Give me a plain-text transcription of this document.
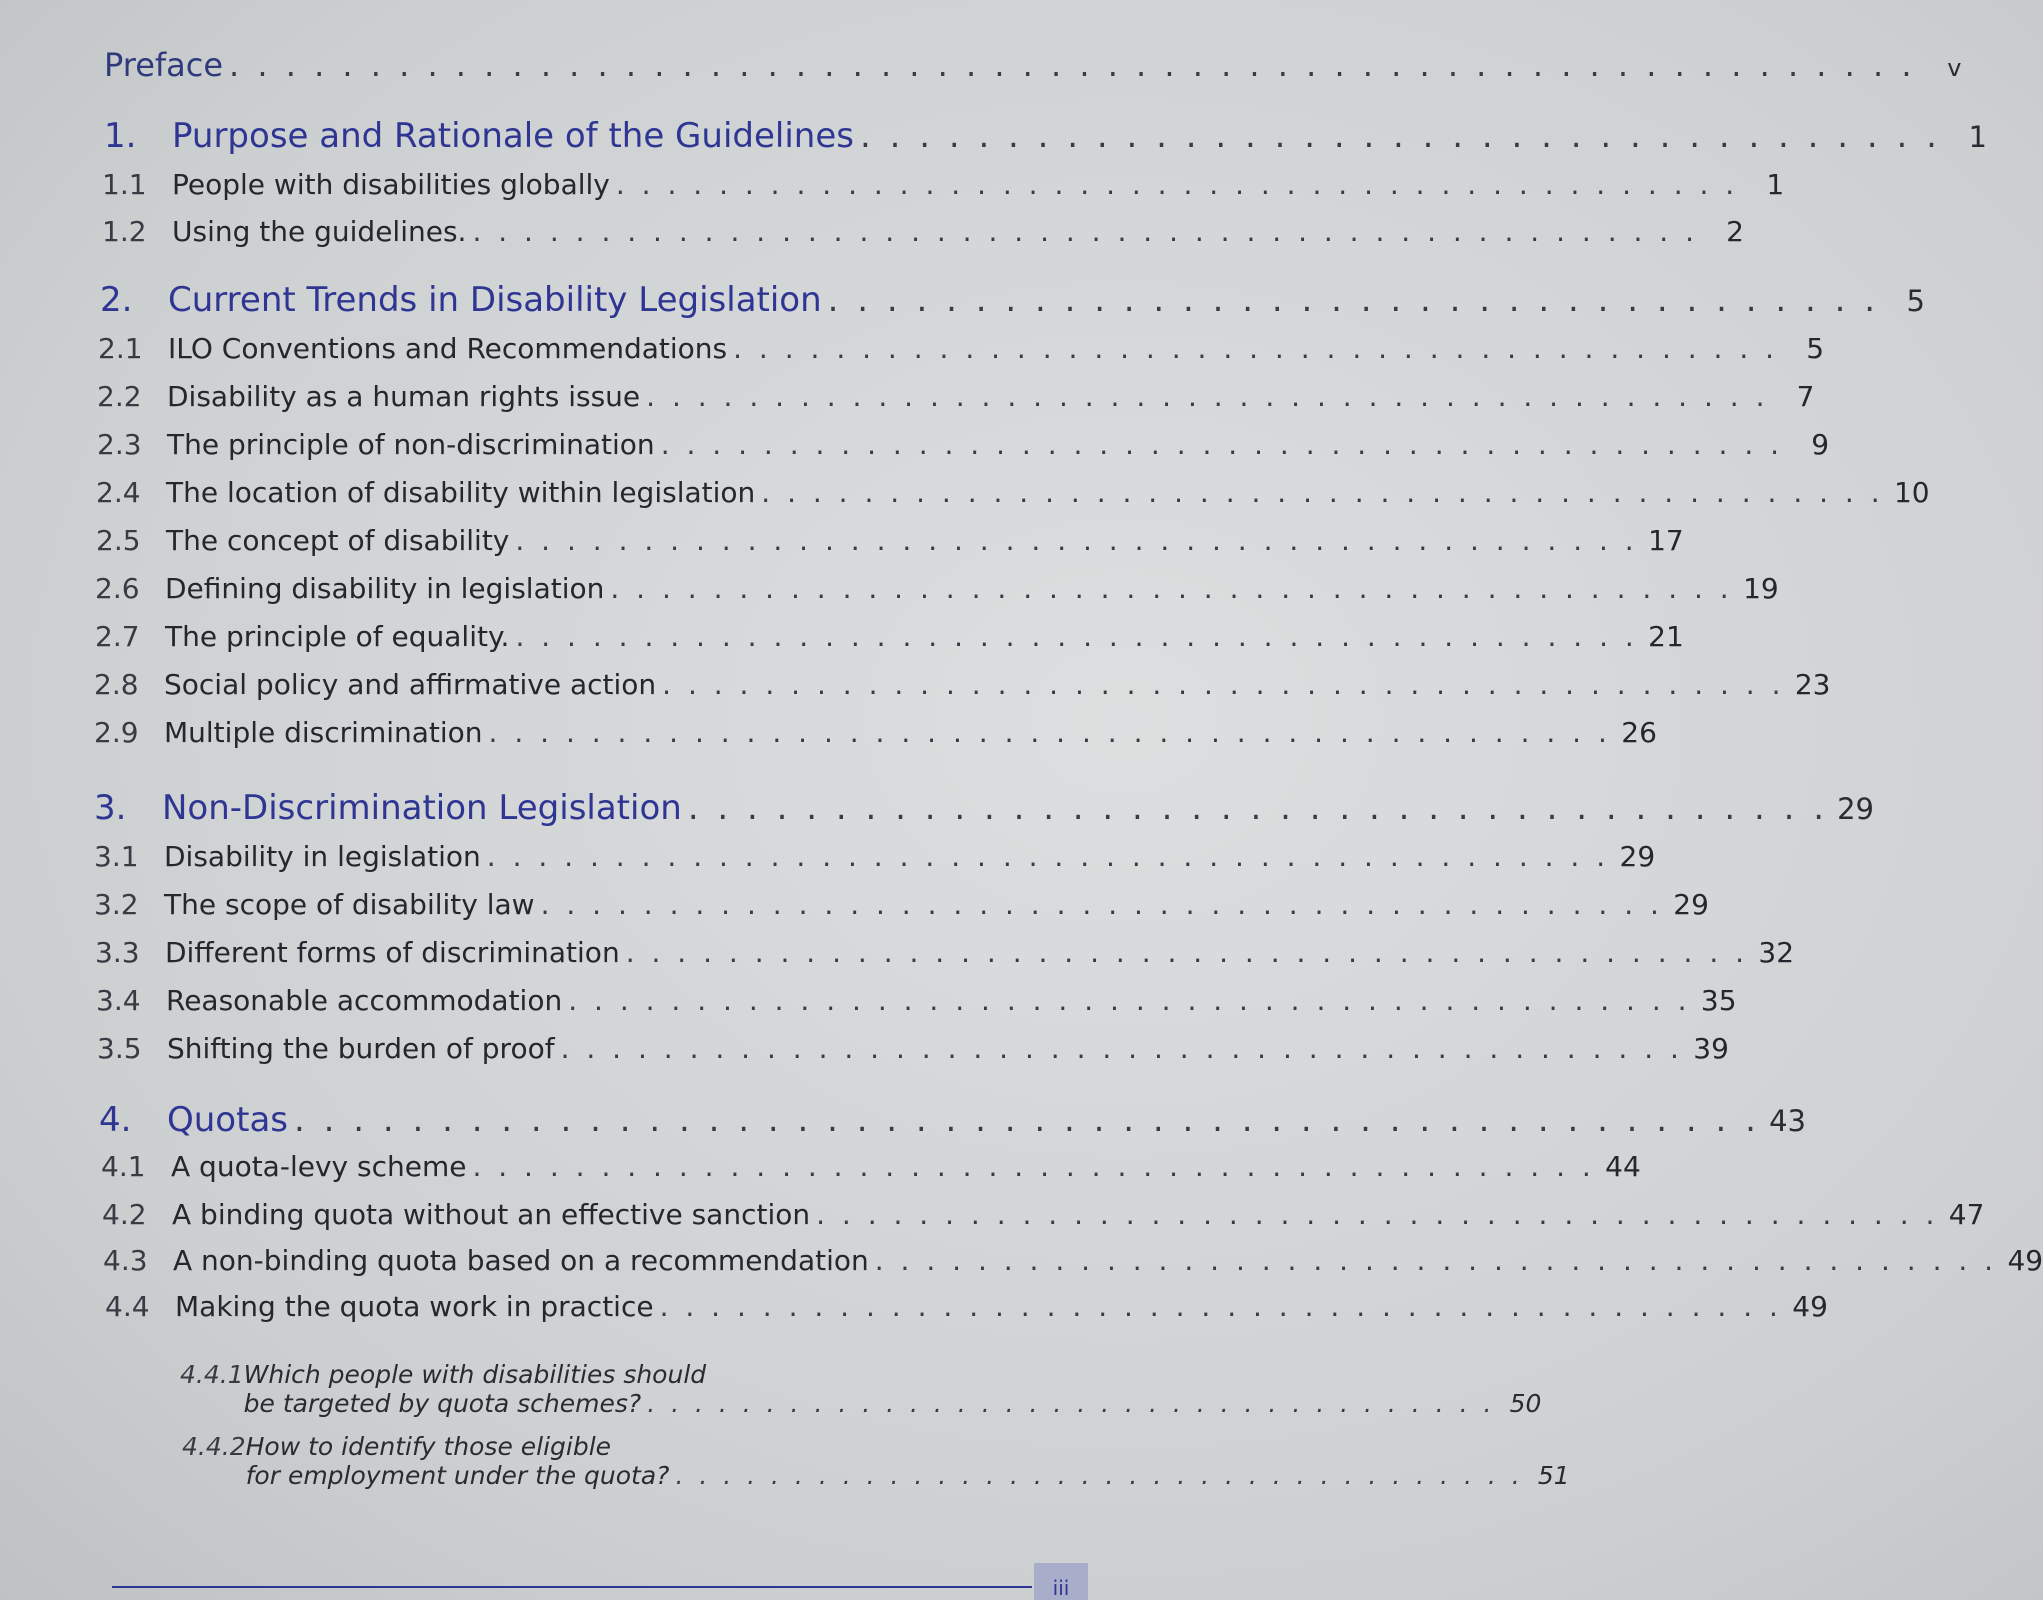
Preface . . . . . . . . . . . . . . . . . . . . . . . . . . . . . . . . . . . . . . . . . . . . . . . . . . . . . . . . . . . .	v
1.	Purpose and Rationale of the Guidelines . . . . . . . . . . . . . . . . . . . . . . . . . . . . . . . . . . . . . 1
1.1 People with disabilities globally . . . . . . . . . . . . . . . . . . . . . . . . . . . . . . . . . . . . . . . . . . . .	1
1.2 Using the guidelines. . . . . . . . . . . . . . . . . . . . . . . . . . . . . . . . . . . . . . . . . . . . . . . . .	2
2.	Current Trends in Disability Legislation . . . . . . . . . . . . . . . . . . . . . . . . . . . . . . . . . . . . 5
2.1 ILO Conventions and Recommendations . . . . . . . . . . . . . . . . . . . . . . . . . . . . . . . . . . . . . . . . .	5
2.2 Disability as a human rights issue . . . . . . . . . . . . . . . . . . . . . . . . . . . . . . . . . . . . . . . . . . . .	7
2.3 The principle of non-discrimination . . . . . . . . . . . . . . . . . . . . . . . . . . . . . . . . . . . . . . . . . . . .	9
2.4 The location of disability within legislation . . . . . . . . . . . . . . . . . . . . . . . . . . . . . . . . . . . . . . . . . . . . 10
2.5 The concept of disability . . . . . . . . . . . . . . . . . . . . . . . . . . . . . . . . . . . . . . . . . . . . 17
2.6 Defining disability in legislation . . . . . . . . . . . . . . . . . . . . . . . . . . . . . . . . . . . . . . . . . . . . 19
2.7 The principle of equality. . . . . . . . . . . . . . . . . . . . . . . . . . . . . . . . . . . . . . . . . . . . . 21
2.8 Social policy and affirmative action . . . . . . . . . . . . . . . . . . . . . . . . . . . . . . . . . . . . . . . . . . . . 23
2.9 Multiple discrimination . . . . . . . . . . . . . . . . . . . . . . . . . . . . . . . . . . . . . . . . . . . . 26
3.	Non-Discrimination Legislation . . . . . . . . . . . . . . . . . . . . . . . . . . . . . . . . . . . . . . . 29
3.1 Disability in legislation . . . . . . . . . . . . . . . . . . . . . . . . . . . . . . . . . . . . . . . . . . . . 29
3.2 The scope of disability law . . . . . . . . . . . . . . . . . . . . . . . . . . . . . . . . . . . . . . . . . . . . 29
3.3 Different forms of discrimination . . . . . . . . . . . . . . . . . . . . . . . . . . . . . . . . . . . . . . . . . . . . 32
3.4 Reasonable accommodation . . . . . . . . . . . . . . . . . . . . . . . . . . . . . . . . . . . . . . . . . . . . 35
3.5 Shifting the burden of proof . . . . . . . . . . . . . . . . . . . . . . . . . . . . . . . . . . . . . . . . . . . . 39
4.	Quotas . . . . . . . . . . . . . . . . . . . . . . . . . . . . . . . . . . . . . . . . . . . . . . . . . . 43
4.1 A quota-levy scheme . . . . . . . . . . . . . . . . . . . . . . . . . . . . . . . . . . . . . . . . . . . . 44
4.2 A binding quota without an effective sanction . . . . . . . . . . . . . . . . . . . . . . . . . . . . . . . . . . . . . . . . . . . . 47
4.3 A non-binding quota based on a recommendation . . . . . . . . . . . . . . . . . . . . . . . . . . . . . . . . . . . . . . . . . . . . 49
4.4 Making the quota work in practice . . . . . . . . . . . . . . . . . . . . . . . . . . . . . . . . . . . . . . . . . . . . 49
4.4.1 Which people with disabilities should
be targeted by quota schemes? . . . . . . . . . . . . . . . . . . . . . . . . . . . . . . . . . . . . 50
4.4.2 How to identify those eligible
for employment under the quota? . . . . . . . . . . . . . . . . . . . . . . . . . . . . . . . . . . . . 51
iii
